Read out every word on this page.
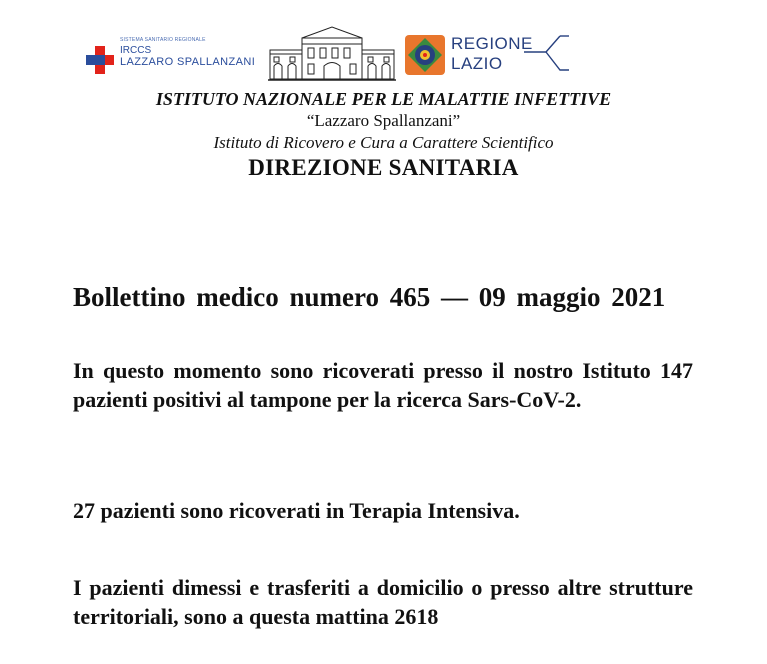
SISTEMA SANITARIO REGIONALE
IRCCS
LAZZARO SPALLANZANI
REGIONE
LAZIO

ISTITUTO NAZIONALE PER LE MALATTIE INFETTIVE

“Lazzaro Spallanzani”

Istituto di Ricovero e Cura a Carattere Scientifico

DIREZIONE SANITARIA

Bollettino medico numero 465 — 09 maggio 2021
In questo momento sono ricoverati presso il nostro Istituto 147 pazienti positivi al tampone per la ricerca Sars-CoV-2.
27 pazienti sono ricoverati in Terapia Intensiva.
I pazienti dimessi e trasferiti a domicilio o presso altre strutture territoriali, sono a questa mattina 2618
